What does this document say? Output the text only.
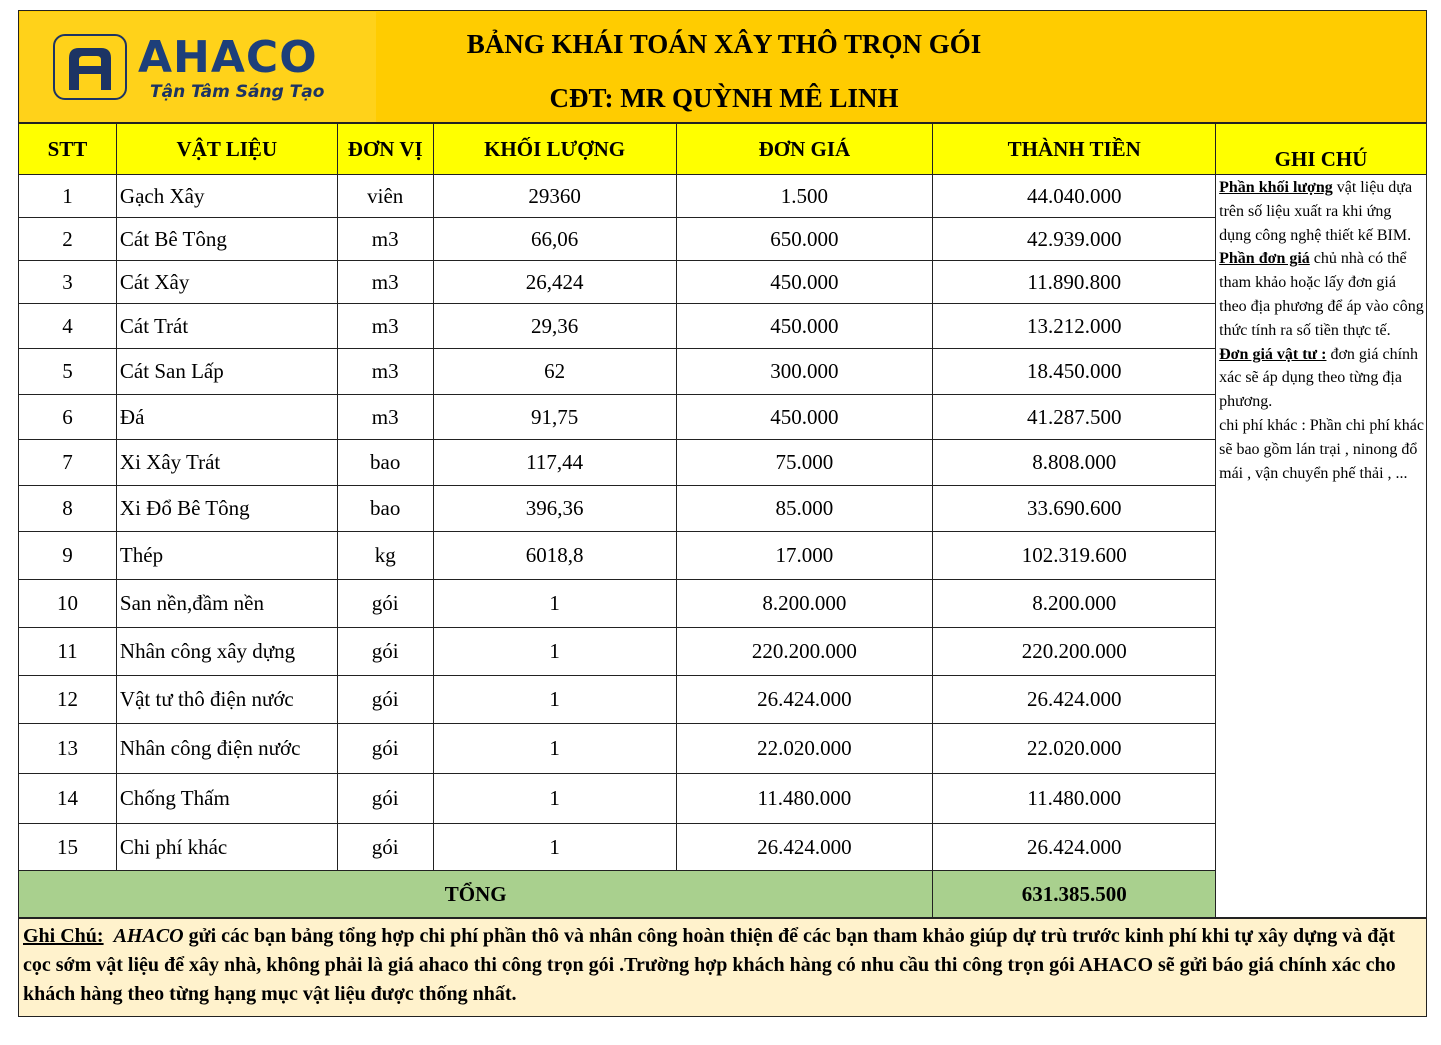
AHACO
Tận Tâm Sáng Tạo
BẢNG KHÁI TOÁN XÂY THÔ TRỌN GÓI
CĐT: MR QUỲNH MÊ LINH
STT	VẬT LIỆU	ĐƠN VỊ	KHỐI LƯỢNG	ĐƠN GIÁ	THÀNH TIỀN	GHI CHÚ
1	Gạch Xây	viên	29360	1.500	44.040.000	Phần khối lượng vật liệu dựa trên số liệu xuất ra khi ứng dụng công nghệ thiết kế BIM.
Phần đơn giá chủ nhà có thể tham khảo hoặc lấy đơn giá theo địa phương để áp vào công thức tính ra số tiền thực tế.
Đơn giá vật tư : đơn giá chính xác sẽ áp dụng theo từng địa phương.
chi phí khác : Phần chi phí khác sẽ bao gồm lán trại , ninong đổ mái , vận chuyển phế thải , ...

2	Cát Bê Tông	m3	66,06	650.000	42.939.000	
3	Cát Xây	m3	26,424	450.000	11.890.800	
4	Cát Trát	m3	29,36	450.000	13.212.000	
5	Cát San Lấp	m3	62	300.000	18.450.000	
6	Đá	m3	91,75	450.000	41.287.500	
7	Xi Xây Trát	bao	117,44	75.000	8.808.000	
8	Xi Đổ Bê Tông	bao	396,36	85.000	33.690.600	
9	Thép	kg	6018,8	17.000	102.319.600	
10	San nền,đầm nền	gói	1	8.200.000	8.200.000	
11	Nhân công xây dựng	gói	1	220.200.000	220.200.000	
12	Vật tư thô điện nước	gói	1	26.424.000	26.424.000	
13	Nhân công điện nước	gói	1	22.020.000	22.020.000	
14	Chống Thấm	gói	1	11.480.000	11.480.000	
15	Chi phí khác	gói	1	26.424.000	26.424.000	
TỔNG					631.385.500	
Ghi Chú: AHACO gửi các bạn bảng tổng hợp chi phí phần thô và nhân công hoàn thiện để các bạn tham khảo giúp dự trù trước kinh phí khi tự xây dựng và đặt cọc sớm vật liệu để xây nhà, không phải là giá ahaco thi công trọn gói .Trường hợp khách hàng có nhu cầu thi công trọn gói AHACO sẽ gửi báo giá chính xác cho khách hàng theo từng hạng mục vật liệu được thống nhất.
